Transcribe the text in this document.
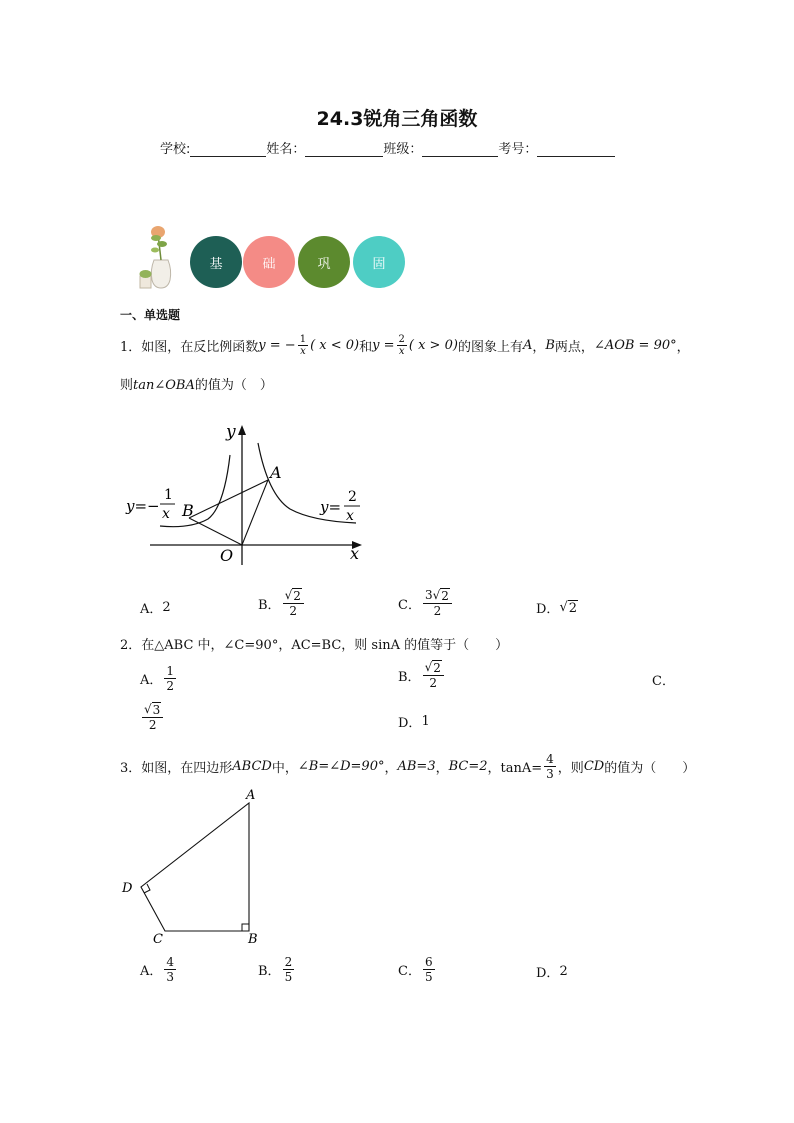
24.3锐角三角函数
学校:	姓名：	班级：	考号：
基	础	巩	固
一、单选题
1． 如图，在反比例函数 y = − $\frac{1}{x}$ ( x < 0) 和 $y = \frac{2}{x}$ ( x > 0) 的图象上有 A ， B 两点， ∠AOB = 90° ，
则tan∠OBA的值为（　）
y
x
O
A
B
y=−
1
x	y=
2
x
A． 2	B． $\frac{√ 2}{2}$	C． $\frac{3√ 2}{2}$	D． √ 2
2．在△ABC 中，∠C=90°，AC=BC，则 sinA 的值等于（　　）
A． $\frac{1}{2}$	B． $\frac{√ 2}{2}$	C．
$\frac{√ 3}{2}$	D． 1
3． 如图，在四边形 ABCD 中， ∠B=∠D=90° ， AB=3 ， BC=2 ，$\tan A= \frac{4}{3}$ ，则 CD 的值为（　　）
A
B
C
D
A． $\frac{4}{3}$	B． $\frac{2}{5}$	C． $\frac{6}{5}$	D． 2
